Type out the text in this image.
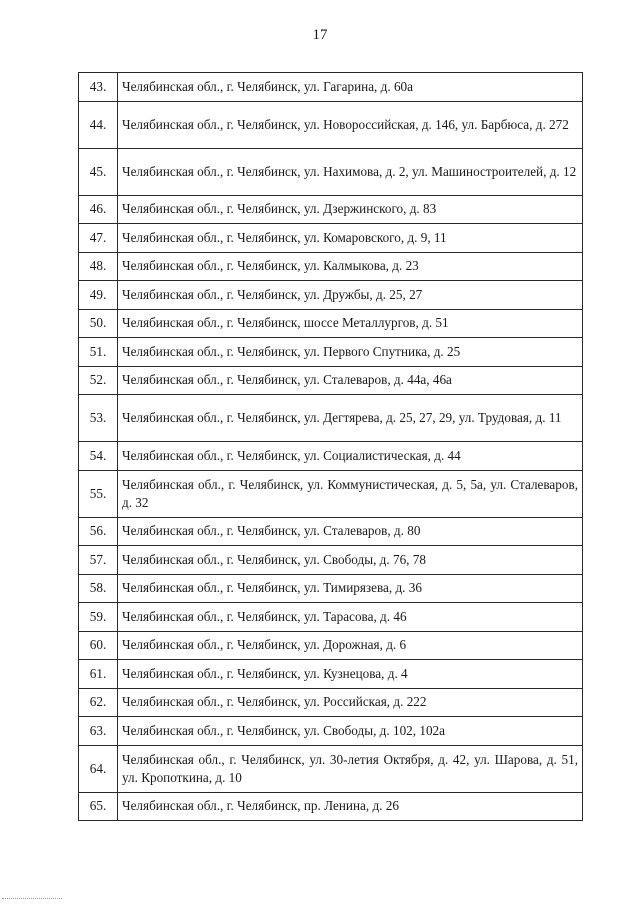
17
43.	Челябинская обл., г. Челябинск, ул. Гагарина, д. 60а
44.	Челябинская обл., г. Челябинск, ул. Новороссийская, д. 146, ул. Барбюса, д. 272
45.	Челябинская обл., г. Челябинск, ул. Нахимова, д. 2, ул. Машиностроителей, д. 12
46.	Челябинская обл., г. Челябинск, ул. Дзержинского, д. 83
47.	Челябинская обл., г. Челябинск, ул. Комаровского, д. 9, 11
48.	Челябинская обл., г. Челябинск, ул. Калмыкова, д. 23
49.	Челябинская обл., г. Челябинск, ул. Дружбы, д. 25, 27
50.	Челябинская обл., г. Челябинск, шоссе Металлургов, д. 51
51.	Челябинская обл., г. Челябинск, ул. Первого Спутника, д. 25
52.	Челябинская обл., г. Челябинск, ул. Сталеваров, д. 44а, 46а
53.	Челябинская обл., г. Челябинск, ул. Дегтярева, д. 25, 27, 29, ул. Трудовая, д. 11
54.	Челябинская обл., г. Челябинск, ул. Социалистическая, д. 44
55.	Челябинская обл., г. Челябинск, ул. Коммунистическая, д. 5, 5а, ул. Сталеваров, д. 32
56.	Челябинская обл., г. Челябинск, ул. Сталеваров, д. 80
57.	Челябинская обл., г. Челябинск, ул. Свободы, д. 76, 78
58.	Челябинская обл., г. Челябинск, ул. Тимирязева, д. 36
59.	Челябинская обл., г. Челябинск, ул. Тарасова, д. 46
60.	Челябинская обл., г. Челябинск, ул. Дорожная, д. 6
61.	Челябинская обл., г. Челябинск, ул. Кузнецова, д. 4
62.	Челябинская обл., г. Челябинск, ул. Российская, д. 222
63.	Челябинская обл., г. Челябинск, ул. Свободы, д. 102, 102а
64.	Челябинская обл., г. Челябинск, ул. 30-летия Октября, д. 42, ул. Шарова, д. 51, ул. Кропоткина, д. 10
65.	Челябинская обл., г. Челябинск, пр. Ленина, д. 26
